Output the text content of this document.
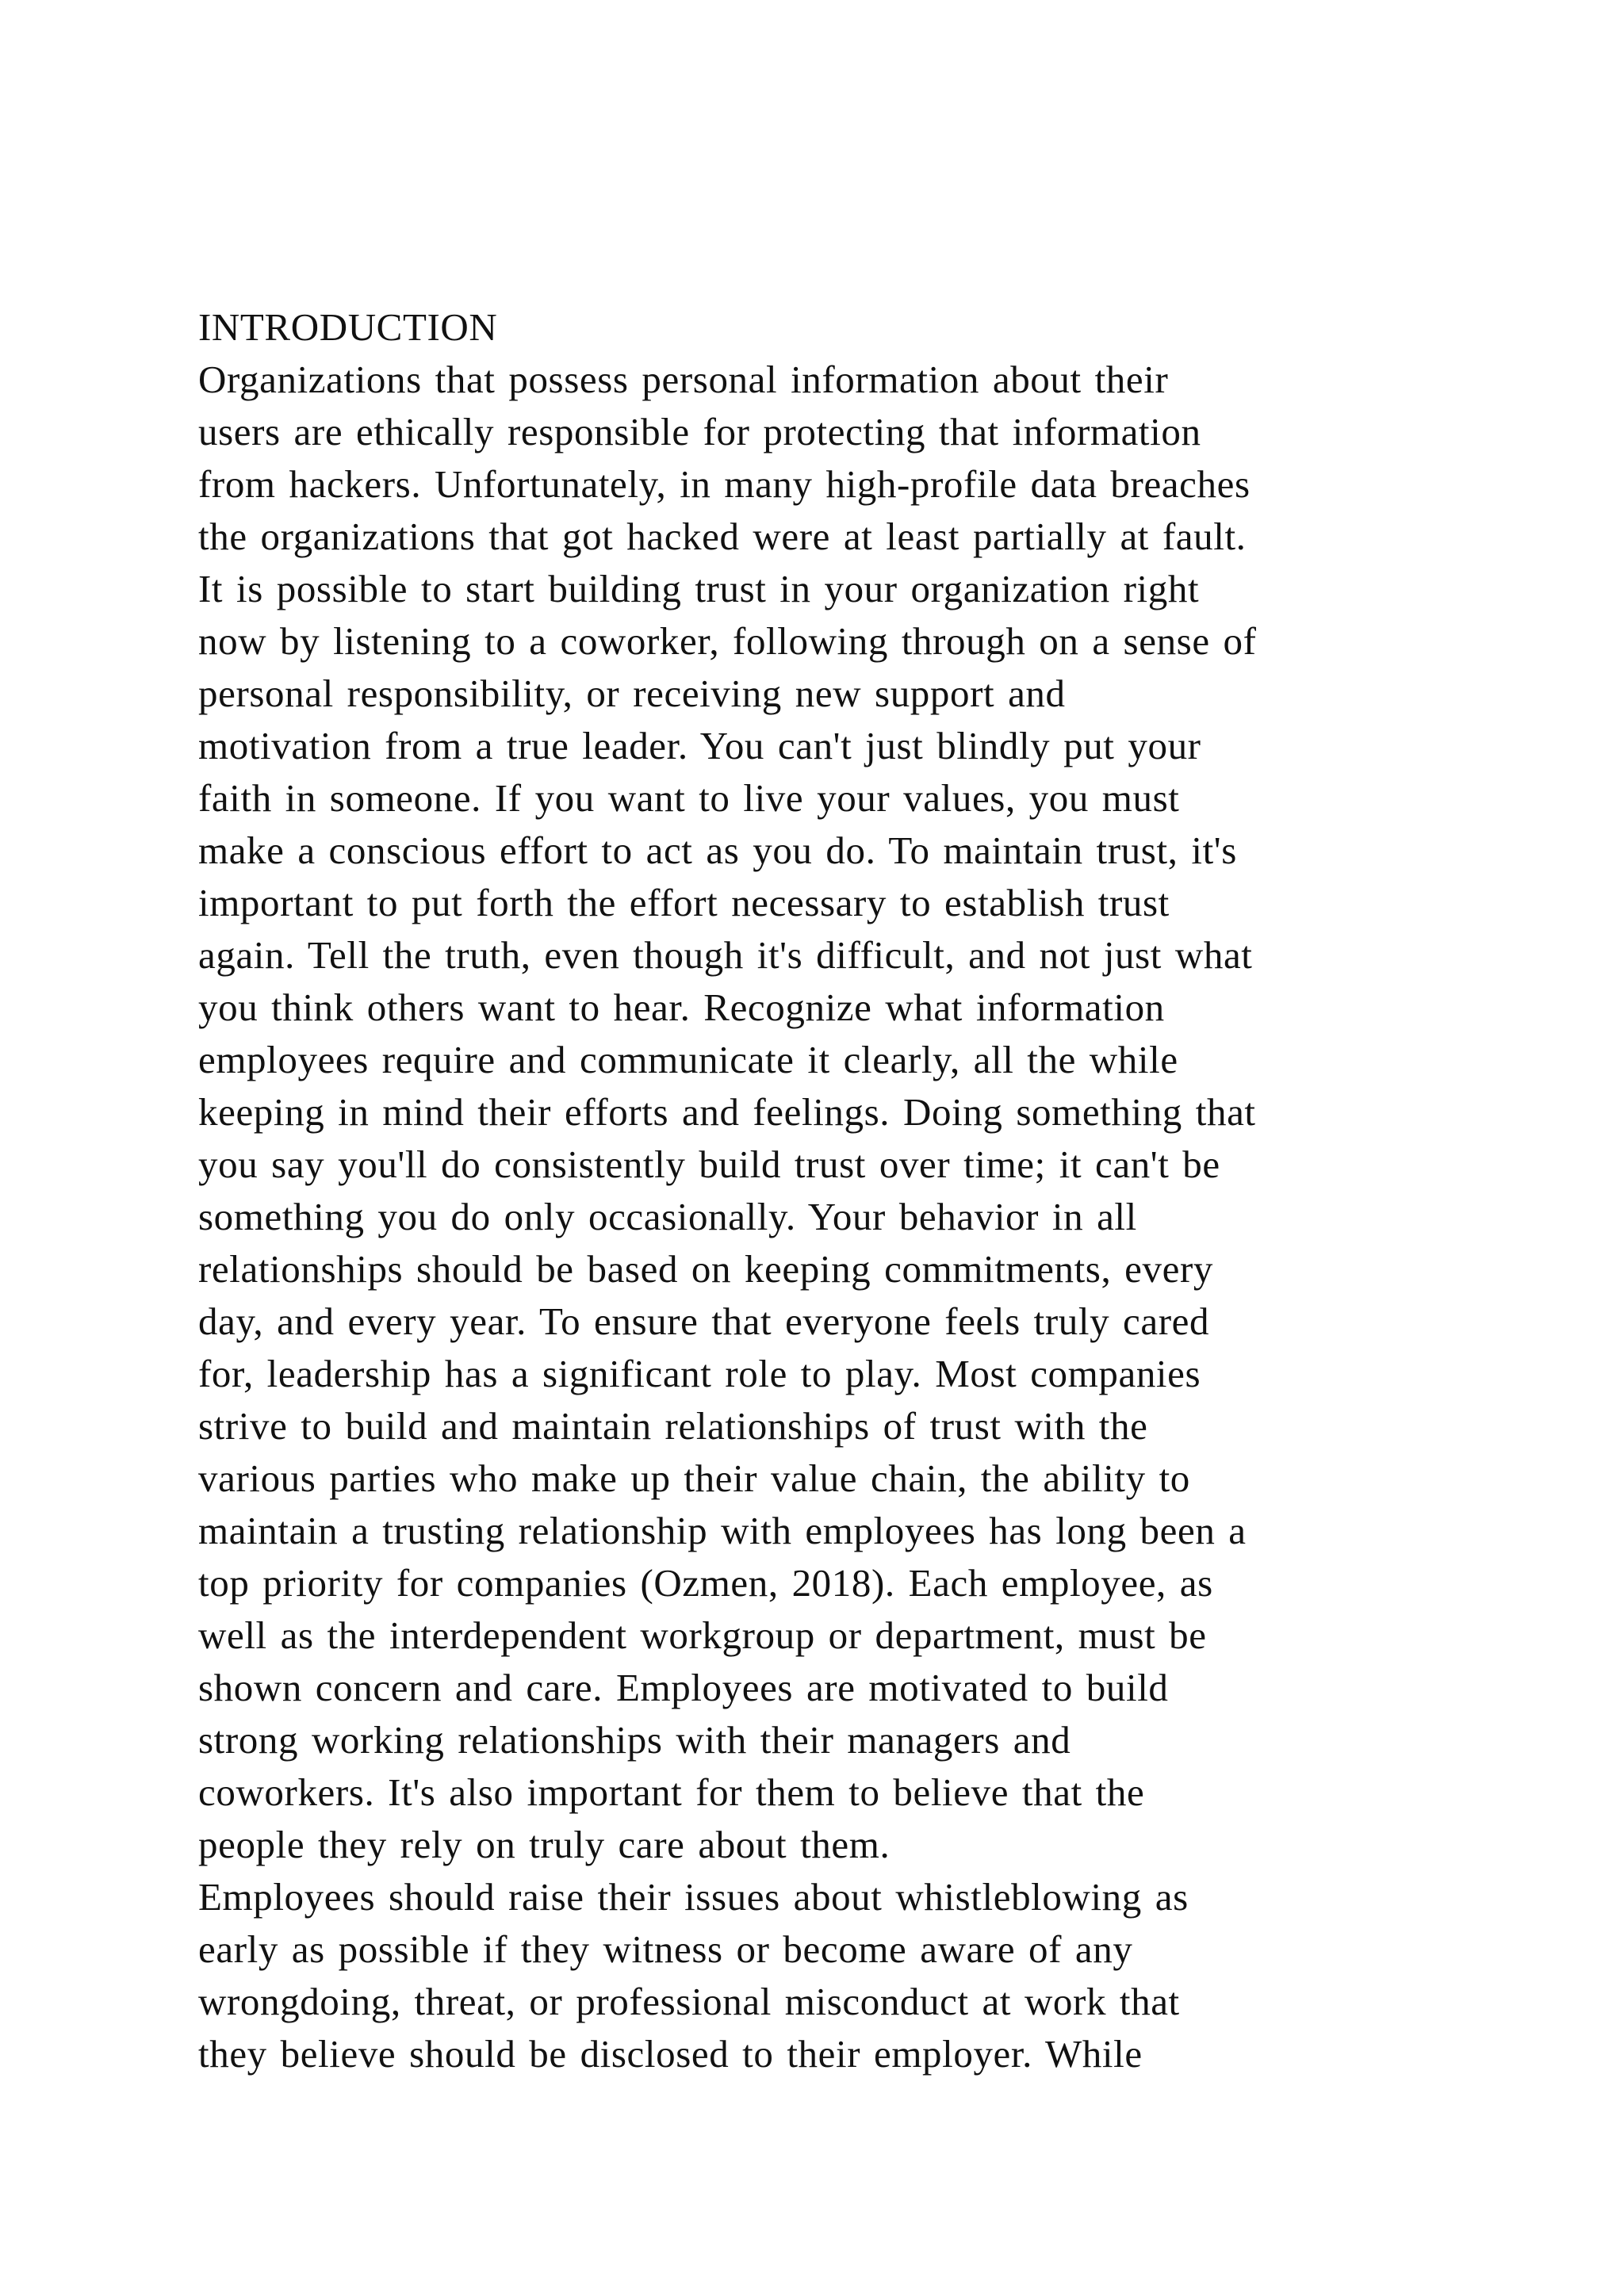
INTRODUCTION
Organizations that possess personal information about their
users are ethically responsible for protecting that information
from hackers. Unfortunately, in many high-profile data breaches
the organizations that got hacked were at least partially at fault.
It is possible to start building trust in your organization right
now by listening to a coworker, following through on a sense of
personal responsibility, or receiving new support and
motivation from a true leader. You can't just blindly put your
faith in someone. If you want to live your values, you must
make a conscious effort to act as you do. To maintain trust, it's
important to put forth the effort necessary to establish trust
again. Tell the truth, even though it's difficult, and not just what
you think others want to hear. Recognize what information
employees require and communicate it clearly, all the while
keeping in mind their efforts and feelings. Doing something that
you say you'll do consistently build trust over time; it can't be
something you do only occasionally. Your behavior in all
relationships should be based on keeping commitments, every
day, and every year. To ensure that everyone feels truly cared
for, leadership has a significant role to play. Most companies
strive to build and maintain relationships of trust with the
various parties who make up their value chain, the ability to
maintain a trusting relationship with employees has long been a
top priority for companies (Ozmen, 2018). Each employee, as
well as the interdependent workgroup or department, must be
shown concern and care. Employees are motivated to build
strong working relationships with their managers and
coworkers. It's also important for them to believe that the
people they rely on truly care about them.
Employees should raise their issues about whistleblowing as
early as possible if they witness or become aware of any
wrongdoing, threat, or professional misconduct at work that
they believe should be disclosed to their employer. While
